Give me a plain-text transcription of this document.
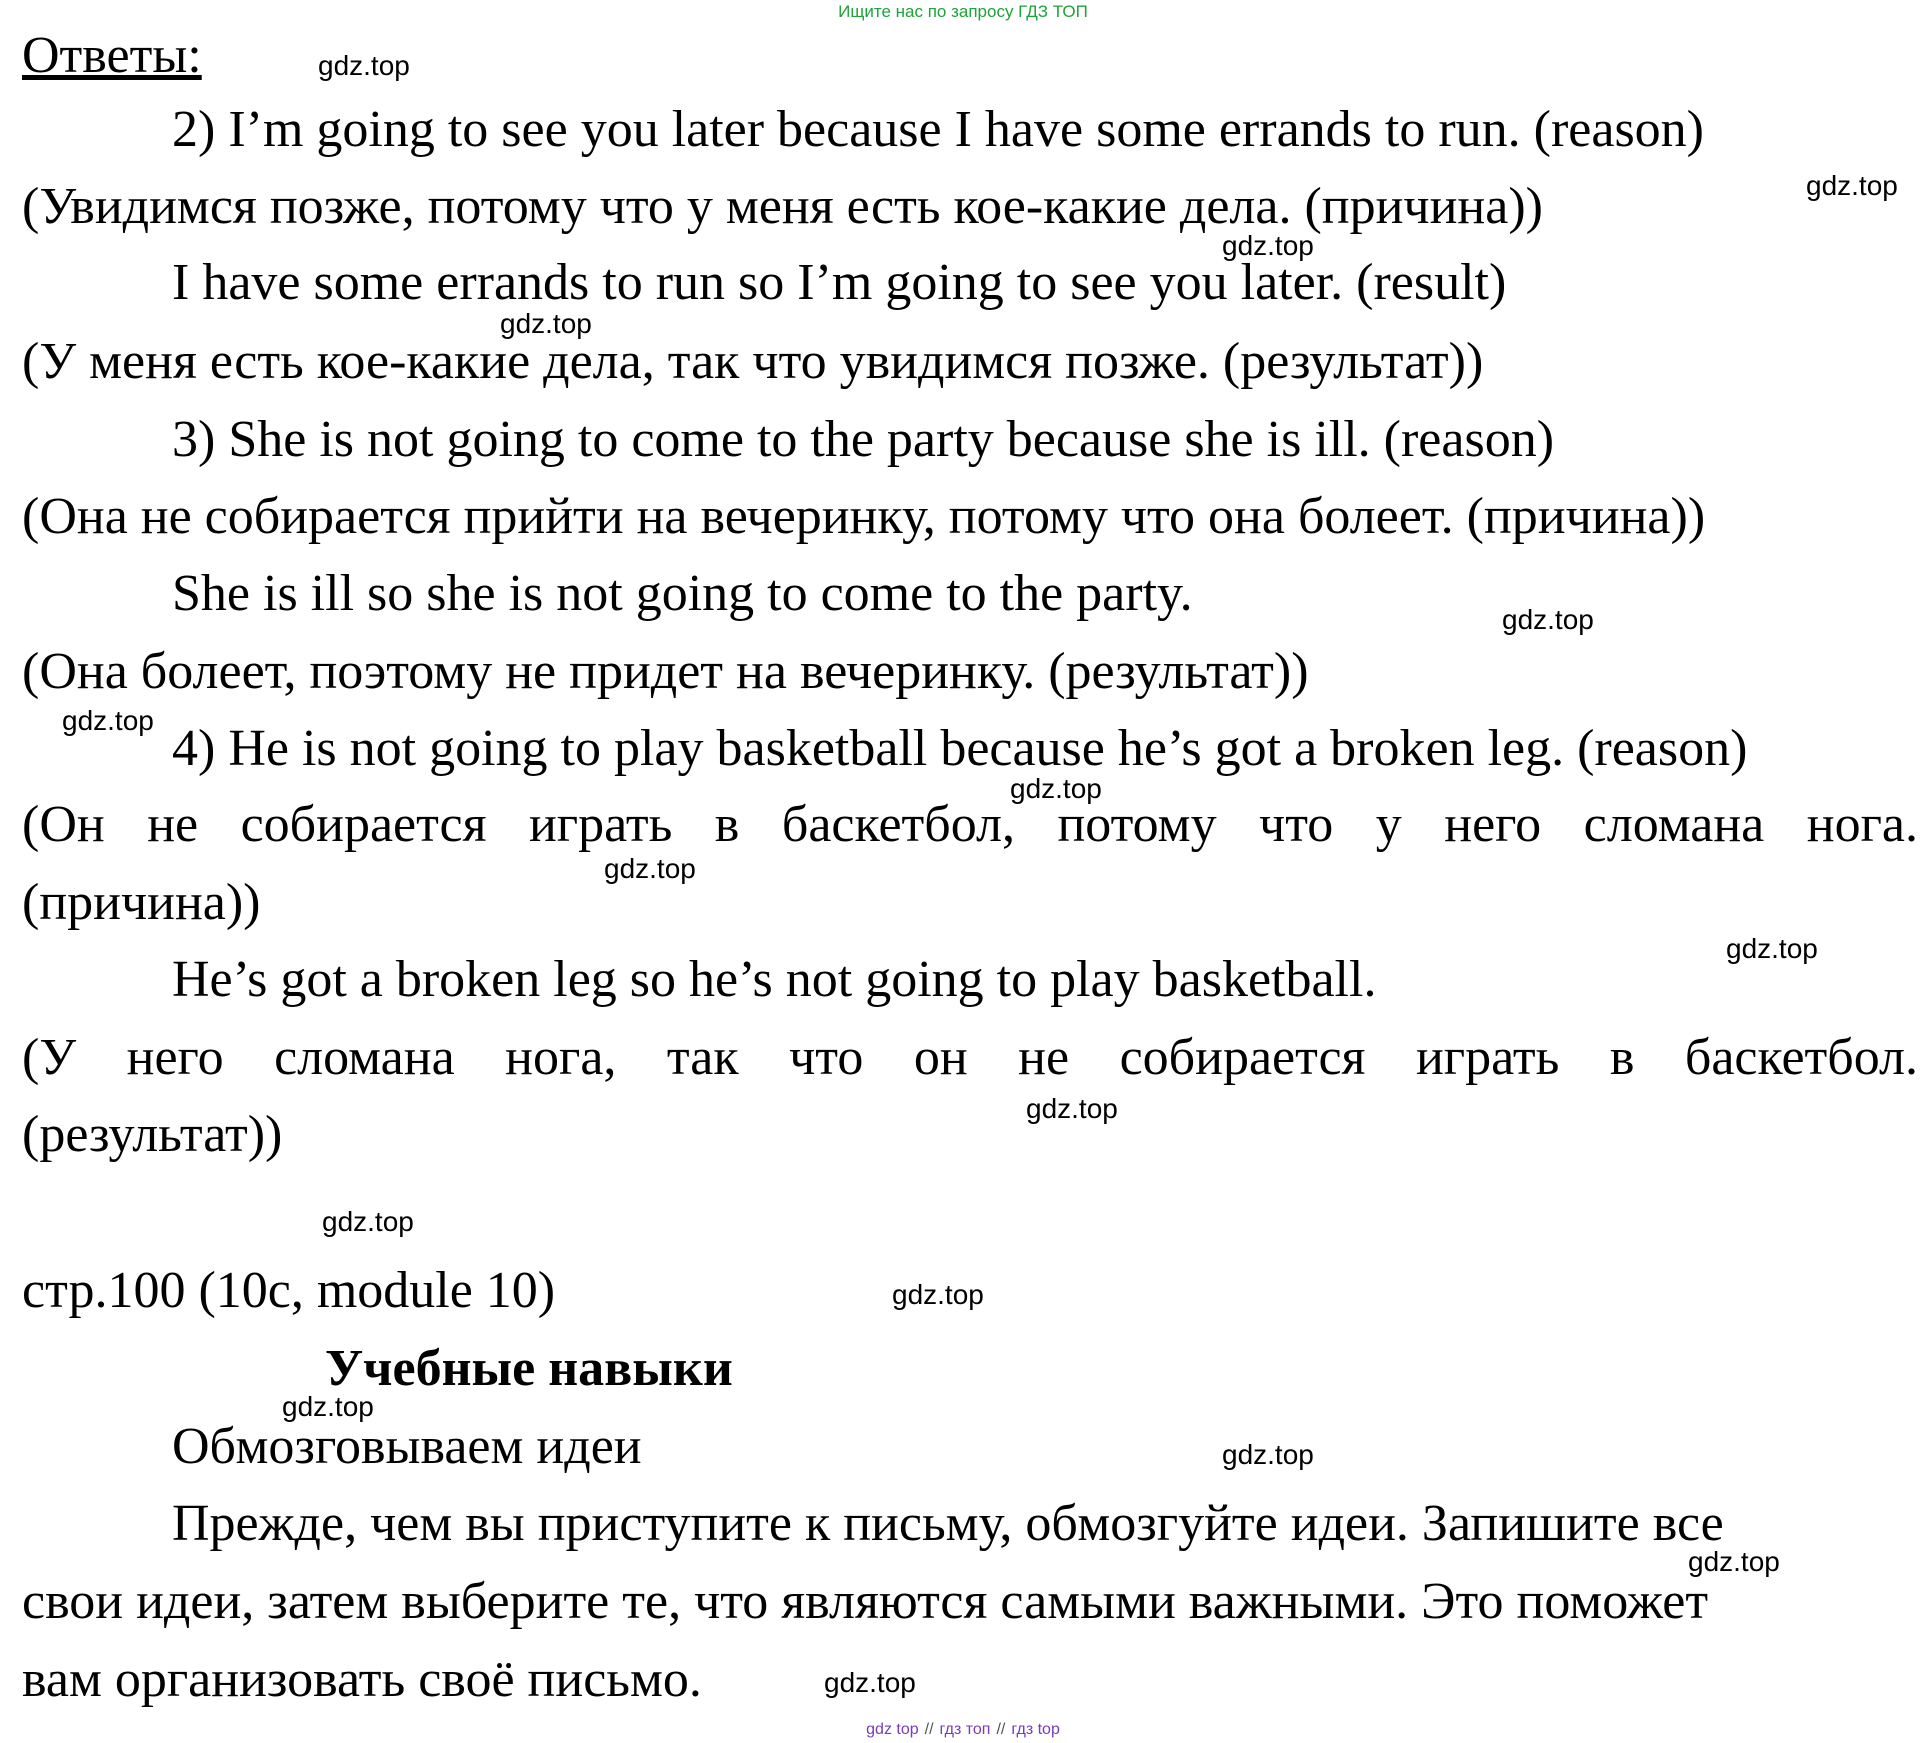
Ищите нас по запросу ГДЗ ТОП
Ответы:
2) I’m going to see you later because I have some errands to run. (reason)
(Увидимся позже, потому что у меня есть кое-какие дела. (причина))
I have some errands to run so I’m going to see you later. (result)
(У меня есть кое-какие дела, так что увидимся позже. (результат))
3) She is not going to come to the party because she is ill. (reason)
(Она не собирается прийти на вечеринку, потому что она болеет. (причина))
She is ill so she is not going to come to the party.
(Она болеет, поэтому не придет на вечеринку. (результат))
4) He is not going to play basketball because he’s got a broken leg. (reason)
(Он не собирается играть в баскетбол, потому что у него сломана нога.
(причина))
He’s got a broken leg so he’s not going to play basketball.
(У него сломана нога, так что он не собирается играть в баскетбол.
(результат))
стр.100 (10c, module 10)
Учебные навыки
Обмозговываем идеи
Прежде, чем вы приступите к письму, обмозгуйте идеи. Запишите все
свои идеи, затем выберите те, что являются самыми важными. Это поможет
вам организовать своё письмо.
gdz.top
gdz.top
gdz.top
gdz.top
gdz.top
gdz.top
gdz.top
gdz.top
gdz.top
gdz.top
gdz.top
gdz.top
gdz.top
gdz.top
gdz.top
gdz.top
gdz top // гдз топ // гдз top
